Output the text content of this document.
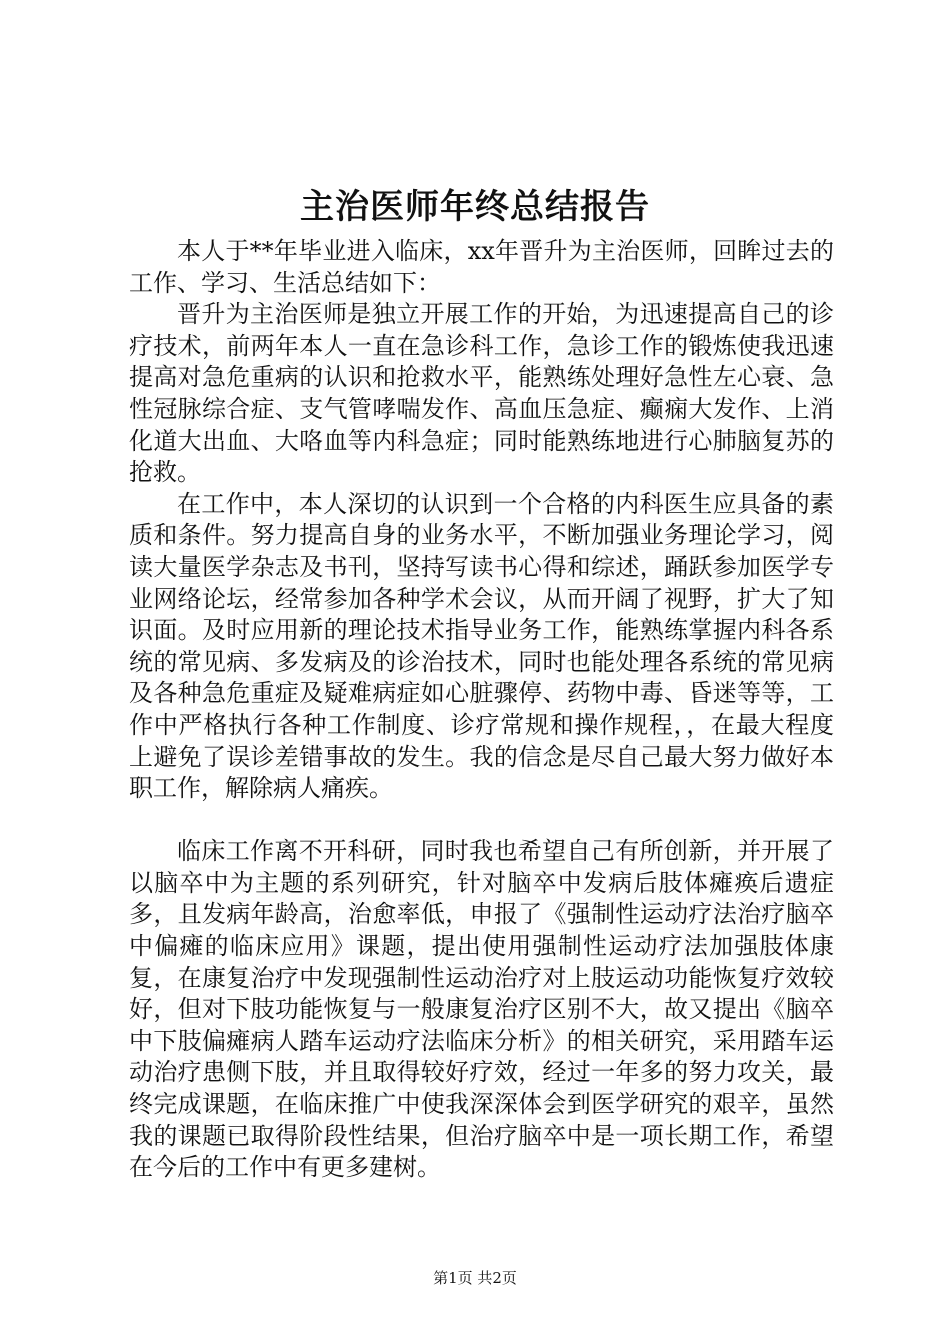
主治医师年终总结报告

本人于**年毕业进入临床，xx年晋升为主治医师，回眸过去的工作、学习、生活总结如下：

晋升为主治医师是独立开展工作的开始，为迅速提高自己的诊疗技术，前两年本人一直在急诊科工作，急诊工作的锻炼使我迅速提高对急危重病的认识和抢救水平，能熟练处理好急性左心衰、急性冠脉综合症、支气管哮喘发作、高血压急症、癫痫大发作、上消化道大出血、大咯血等内科急症；同时能熟练地进行心肺脑复苏的抢救。

在工作中，本人深切的认识到一个合格的内科医生应具备的素质和条件。努力提高自身的业务水平，不断加强业务理论学习，阅读大量医学杂志及书刊，坚持写读书心得和综述，踊跃参加医学专业网络论坛，经常参加各种学术会议，从而开阔了视野，扩大了知识面。及时应用新的理论技术指导业务工作，能熟练掌握内科各系统的常见病、多发病及的诊治技术，同时也能处理各系统的常见病及各种急危重症及疑难病症如心脏骤停、药物中毒、昏迷等等，工作中严格执行各种工作制度、诊疗常规和操作规程，，在最大程度上避免了误诊差错事故的发生。我的信念是尽自己最大努力做好本职工作，解除病人痛疾。

临床工作离不开科研，同时我也希望自己有所创新，并开展了以脑卒中为主题的系列研究，针对脑卒中发病后肢体瘫痪后遗症多，且发病年龄高，治愈率低，申报了《强制性运动疗法治疗脑卒中偏瘫的临床应用》课题，提出使用强制性运动疗法加强肢体康复，在康复治疗中发现强制性运动治疗对上肢运动功能恢复疗效较好，但对下肢功能恢复与一般康复治疗区别不大，故又提出《脑卒中下肢偏瘫病人踏车运动疗法临床分析》的相关研究，采用踏车运动治疗患侧下肢，并且取得较好疗效，经过一年多的努力攻关，最终完成课题，在临床推广中使我深深体会到医学研究的艰辛，虽然我的课题已取得阶段性结果，但治疗脑卒中是一项长期工作，希望在今后的工作中有更多建树。

第1页 共2页
